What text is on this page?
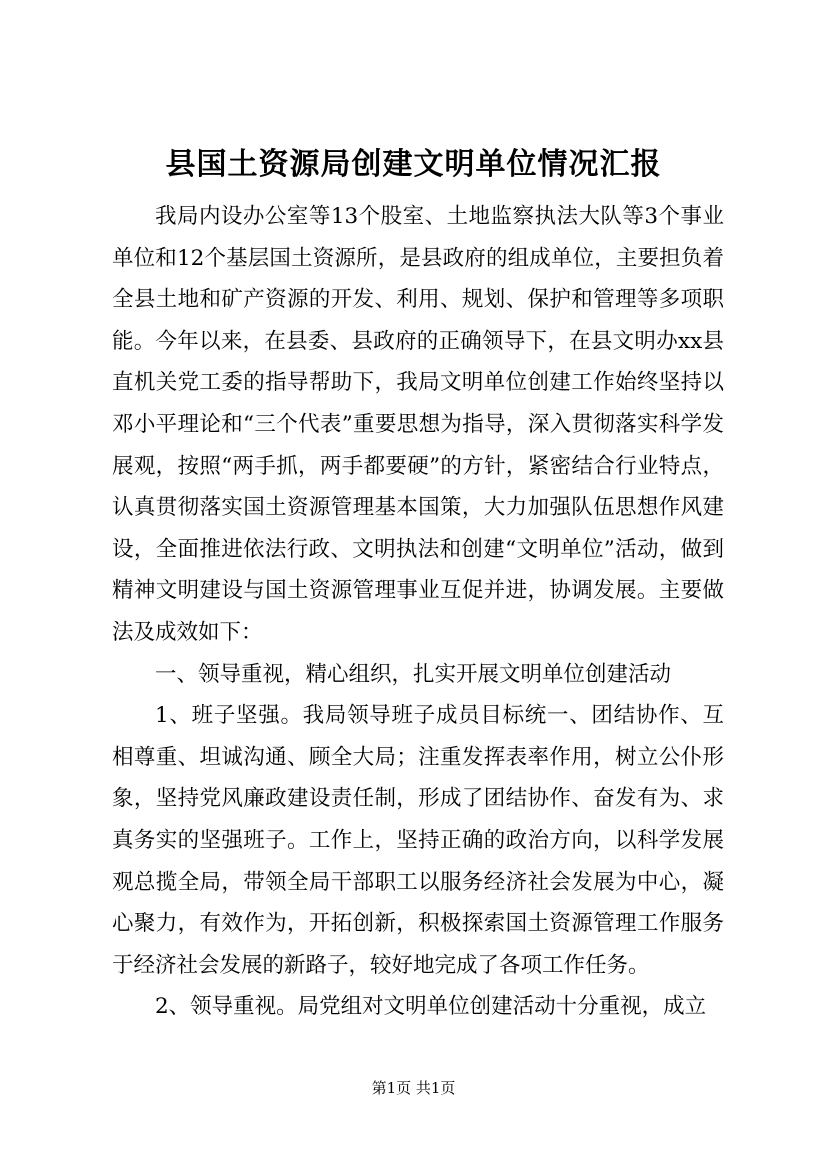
县国土资源局创建文明单位情况汇报

我局内设办公室等13个股室、土地监察执法大队等3个事业单位和12个基层国土资源所，是县政府的组成单位，主要担负着全县土地和矿产资源的开发、利用、规划、保护和管理等多项职能。今年以来，在县委、县政府的正确领导下，在县文明办xx县直机关党工委的指导帮助下，我局文明单位创建工作始终坚持以邓小平理论和“三个代表”重要思想为指导，深入贯彻落实科学发展观，按照“两手抓，两手都要硬”的方针，紧密结合行业特点，认真贯彻落实国土资源管理基本国策，大力加强队伍思想作风建设，全面推进依法行政、文明执法和创建“文明单位”活动，做到精神文明建设与国土资源管理事业互促并进，协调发展。主要做法及成效如下：

一、领导重视，精心组织，扎实开展文明单位创建活动

1、班子坚强。我局领导班子成员目标统一、团结协作、互相尊重、坦诚沟通、顾全大局；注重发挥表率作用，树立公仆形象，坚持党风廉政建设责任制，形成了团结协作、奋发有为、求真务实的坚强班子。工作上，坚持正确的政治方向，以科学发展观总揽全局，带领全局干部职工以服务经济社会发展为中心，凝心聚力，有效作为，开拓创新，积极探索国土资源管理工作服务于经济社会发展的新路子，较好地完成了各项工作任务。

2、领导重视。局党组对文明单位创建活动十分重视，成立

第1页 共1页
